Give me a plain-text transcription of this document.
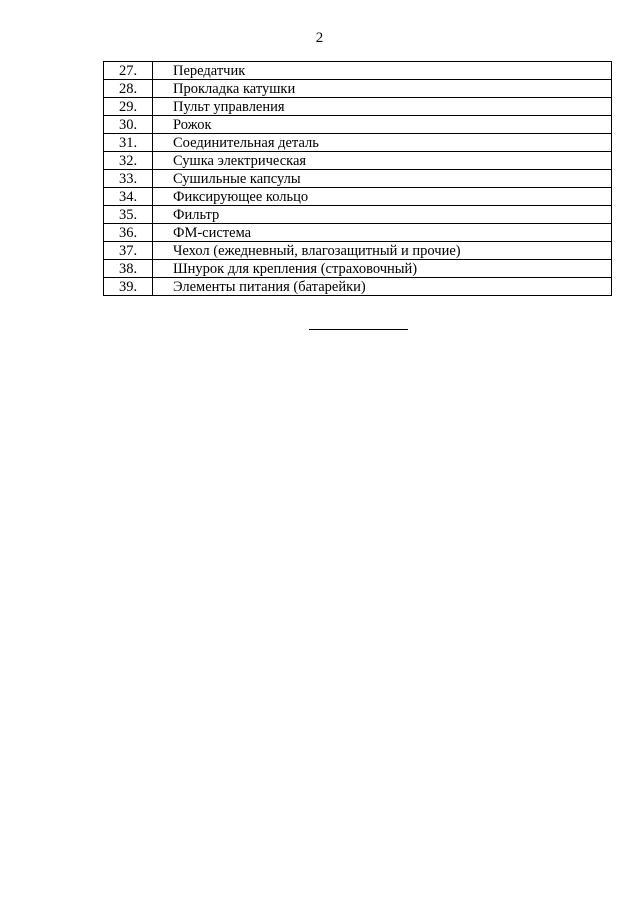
2
27.	Передатчик
28.	Прокладка катушки
29.	Пульт управления
30.	Рожок
31.	Соединительная деталь
32.	Сушка электрическая
33.	Сушильные капсулы
34.	Фиксирующее кольцо
35.	Фильтр
36.	ФМ-система
37.	Чехол (ежедневный, влагозащитный и прочие)
38.	Шнурок для крепления (страховочный)
39.	Элементы питания (батарейки)
